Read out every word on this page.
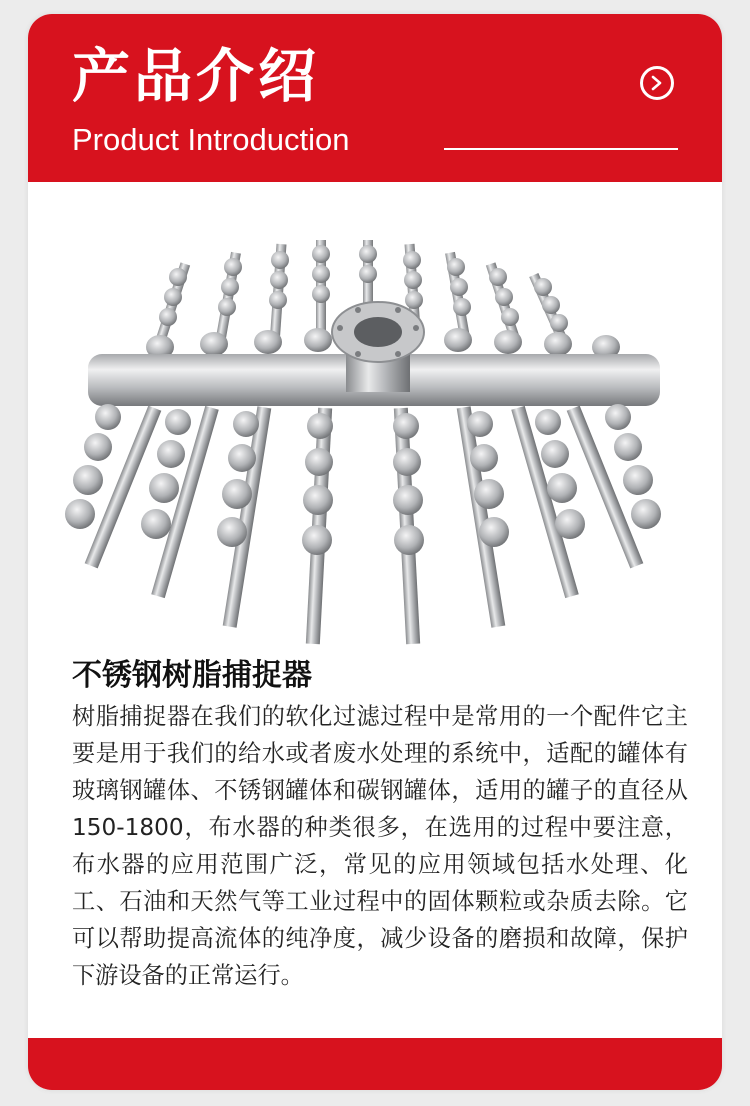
产品介绍
Product Introduction
不锈钢树脂捕捉器
树脂捕捉器在我们的软化过滤过程中是常用的一个配件它主要是用于我们的给水或者废水处理的系统中，适配的罐体有玻璃钢罐体、不锈钢罐体和碳钢罐体，适用的罐子的直径从150-1800，布水器的种类很多，在选用的过程中要注意，布水器的应用范围广泛，常见的应用领域包括水处理、化工、石油和天然气等工业过程中的固体颗粒或杂质去除。它可以帮助提高流体的纯净度，减少设备的磨损和故障，保护下游设备的正常运行。
